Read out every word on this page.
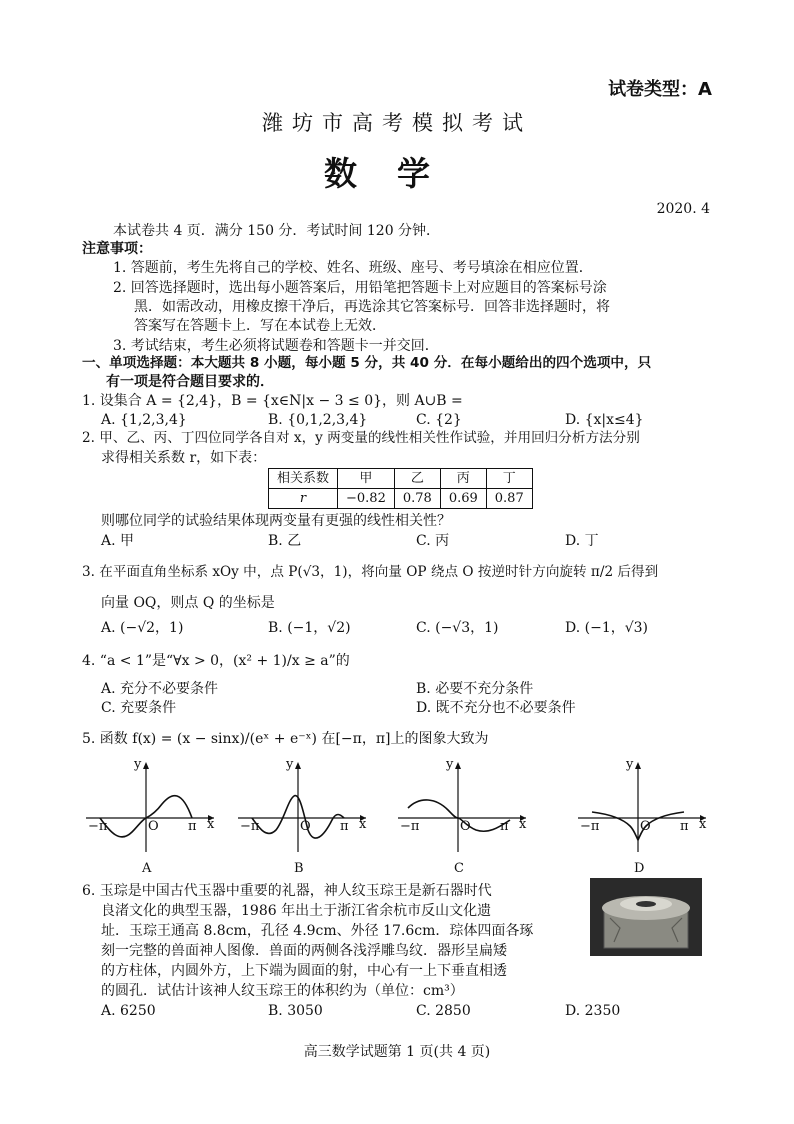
试卷类型：A
潍坊市高考模拟考试
数学
2020. 4
本试卷共 4 页．满分 150 分．考试时间 120 分钟．
注意事项：
1. 答题前，考生先将自己的学校、姓名、班级、座号、考号填涂在相应位置．
2. 回答选择题时，选出每小题答案后，用铅笔把答题卡上对应题目的答案标号涂
黑．如需改动，用橡皮擦干净后，再选涂其它答案标号．回答非选择题时，将
答案写在答题卡上．写在本试卷上无效．
3. 考试结束，考生必须将试题卷和答题卡一并交回．
一、单项选择题：本大题共 8 小题，每小题 5 分，共 40 分．在每小题给出的四个选项中，只
有一项是符合题目要求的．
1. 设集合 A = {2,4}，B = {x∈N|x − 3 ≤ 0}，则 A∪B =
A. {1,2,3,4}	B. {0,1,2,3,4}	C. {2}	D. {x|x≤4}
2. 甲、乙、丙、丁四位同学各自对 x，y 两变量的线性相关性作试验，并用回归分析方法分别
求得相关系数 r，如下表：
相关系数	甲	乙	丙	丁
r	−0.82	0.78	0.69	0.87
则哪位同学的试验结果体现两变量有更强的线性相关性？
A. 甲	B. 乙	C. 丙	D. 丁
3. 在平面直角坐标系 xOy 中，点 P(√3，1)，将向量 OP 绕点 O 按逆时针方向旋转 π/2 后得到
向量 OQ，则点 Q 的坐标是
A. (−√2，1)	B. (−1，√2)	C. (−√3，1)	D. (−1，√3)
4. “a < 1”是“∀x > 0，(x² + 1)/x ≥ a”的
A. 充分不必要条件	B. 必要不充分条件
C. 充要条件	D. 既不充分也不必要条件
5. 函数 f(x) = (x − sinx)/(eˣ + e⁻ˣ) 在[−π，π]上的图象大致为
y
x
O
−π	π
A
y
x
O
−π	π
B
y
x
O
−π	π
C
y
x
O
−π	π
D
6. 玉琮是中国古代玉器中重要的礼器，神人纹玉琮王是新石器时代
良渚文化的典型玉器，1986 年出土于浙江省余杭市反山文化遗
址．玉琮王通高 8.8cm，孔径 4.9cm、外径 17.6cm．琮体四面各琢
刻一完整的兽面神人图像．兽面的两侧各浅浮雕鸟纹．器形呈扁矮
的方柱体，内圆外方，上下端为圆面的射，中心有一上下垂直相透
的圆孔．试估计该神人纹玉琮王的体积约为（单位：cm³）
A. 6250	B. 3050	C. 2850	D. 2350
高三数学试题第 1 页(共 4 页)
